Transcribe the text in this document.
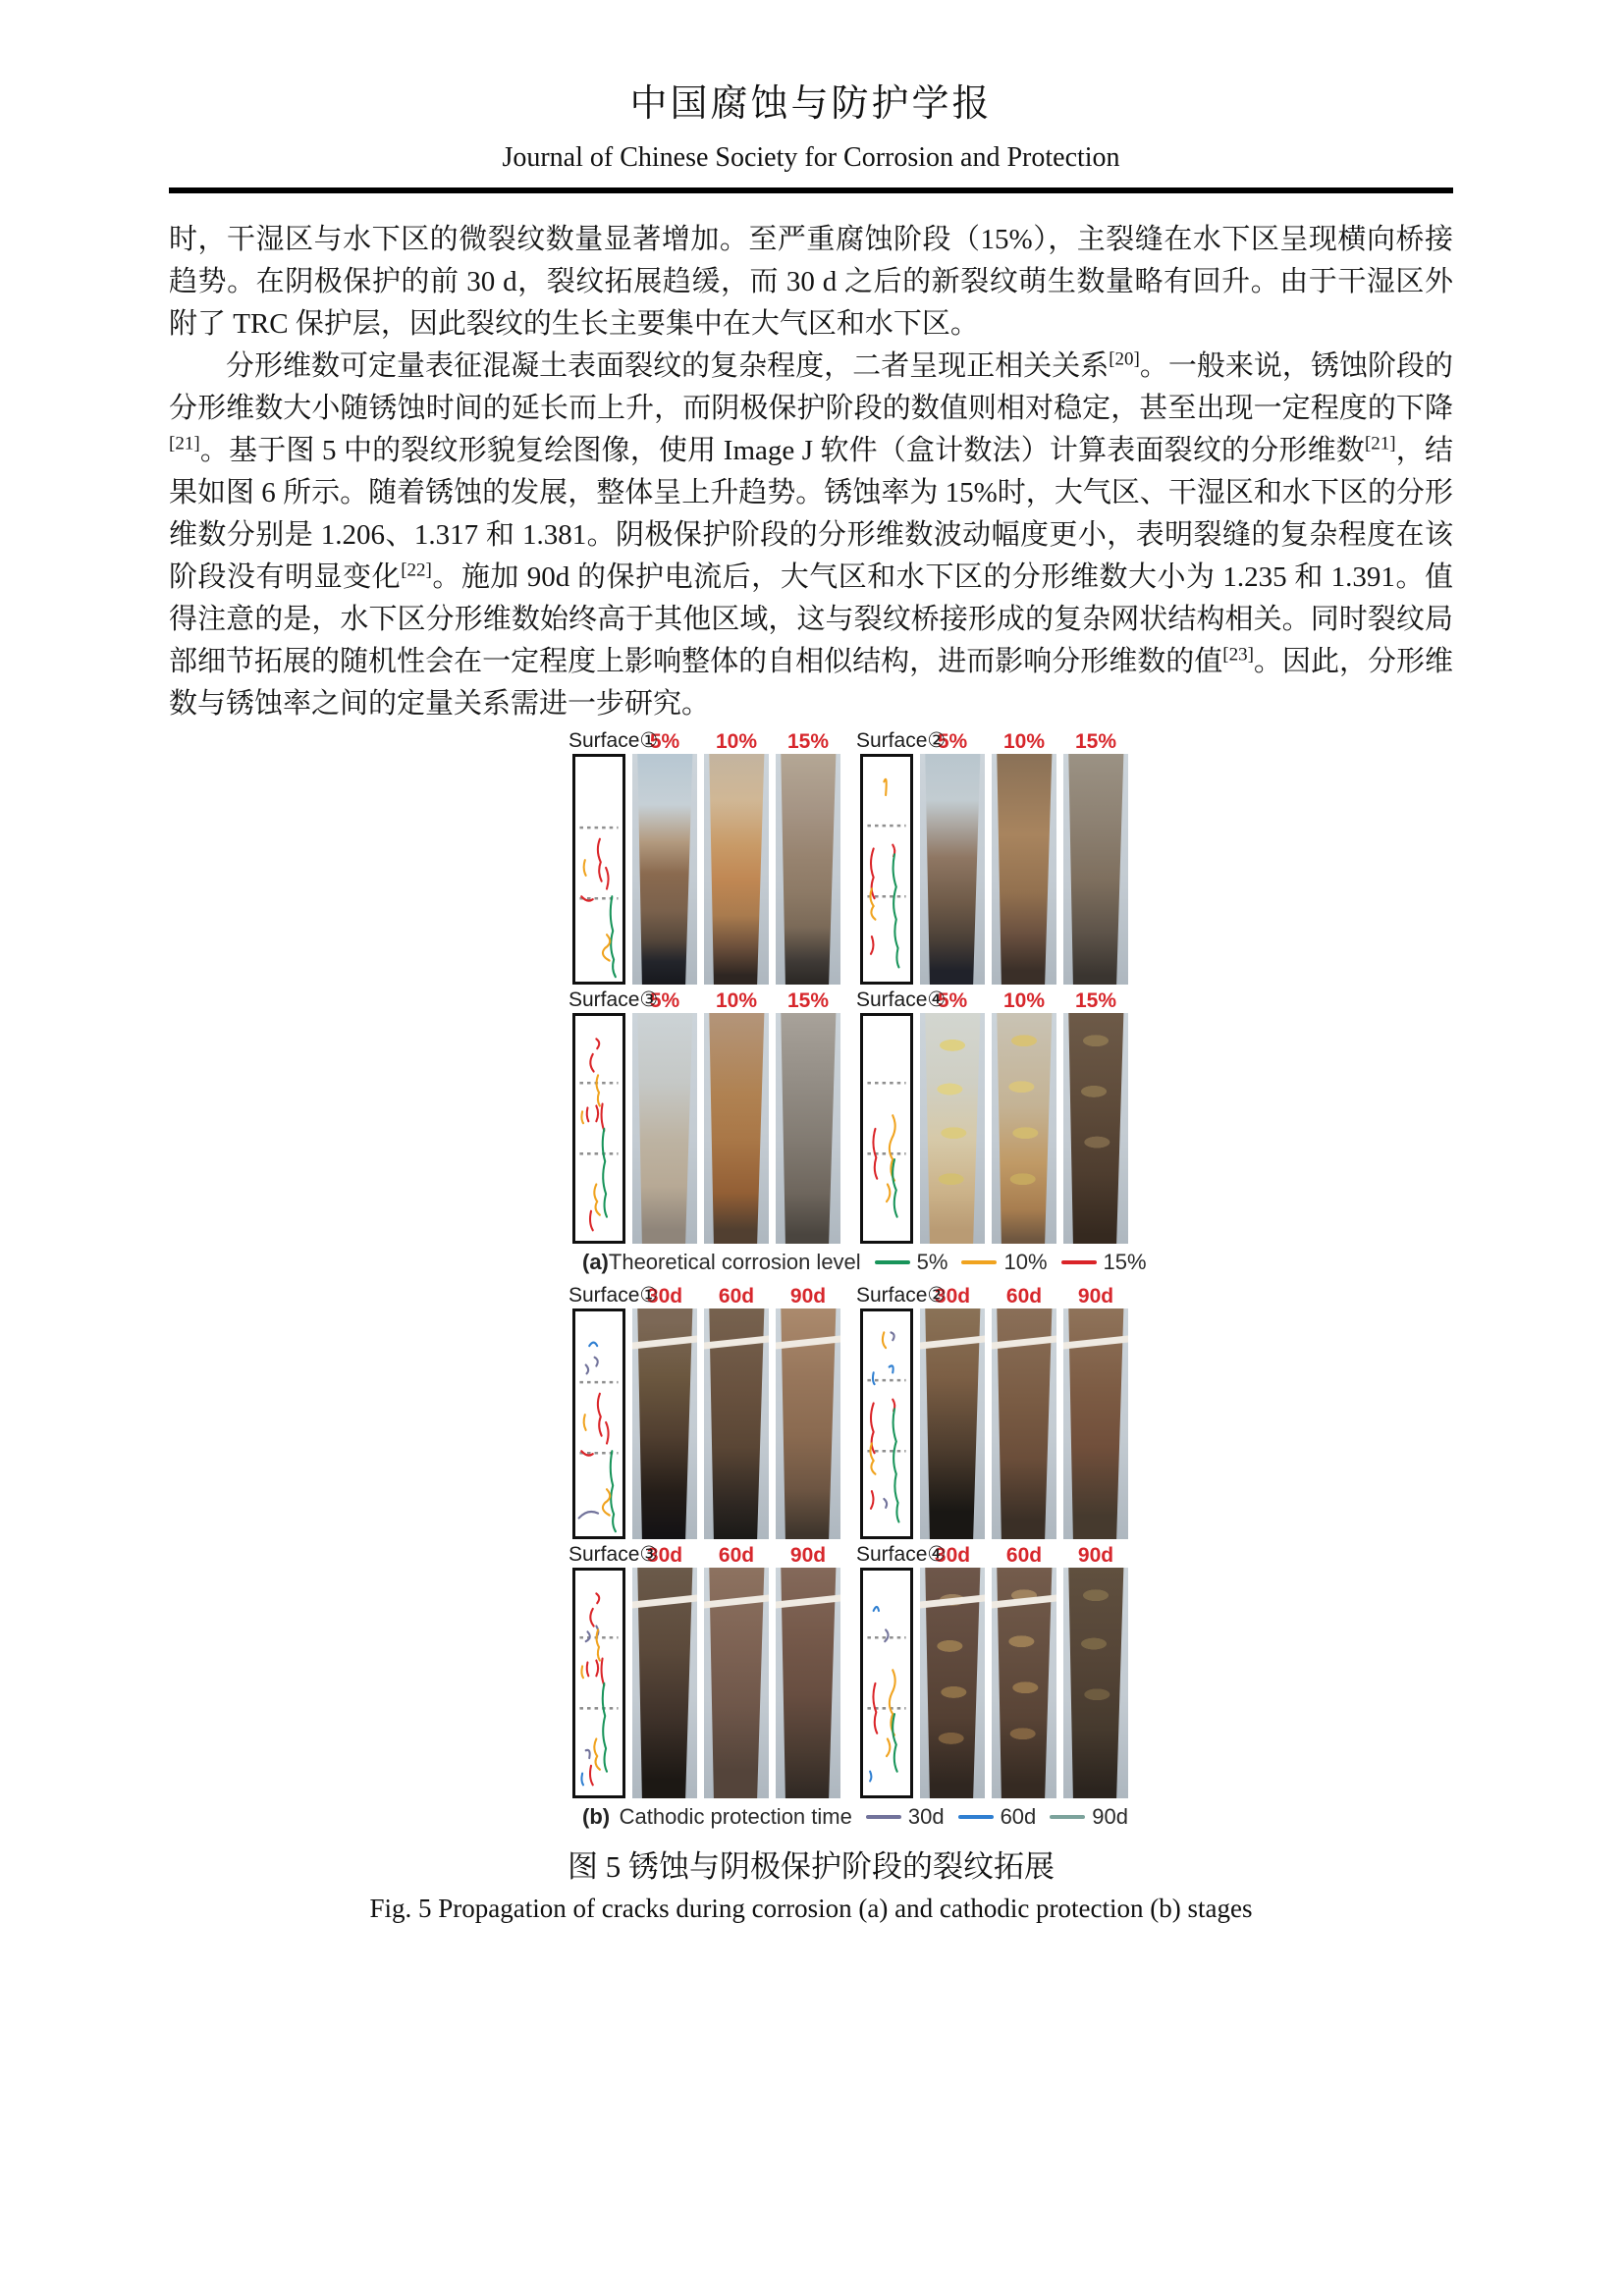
中国腐蚀与防护学报
Journal of Chinese Society for Corrosion and Protection

时，干湿区与水下区的微裂纹数量显著增加。至严重腐蚀阶段（15%），主裂缝在水下区呈现横向桥接趋势。在阴极保护的前 30 d，裂纹拓展趋缓，而 30 d 之后的新裂纹萌生数量略有回升。由于干湿区外附了 TRC 保护层，因此裂纹的生长主要集中在大气区和水下区。

分形维数可定量表征混凝土表面裂纹的复杂程度，二者呈现正相关关系[20]。一般来说，锈蚀阶段的分形维数大小随锈蚀时间的延长而上升，而阴极保护阶段的数值则相对稳定，甚至出现一定程度的下降[21]。基于图 5 中的裂纹形貌复绘图像，使用 Image J 软件（盒计数法）计算表面裂纹的分形维数[21]，结果如图 6 所示。随着锈蚀的发展，整体呈上升趋势。锈蚀率为 15%时，大气区、干湿区和水下区的分形维数分别是 1.206、1.317 和 1.381。阴极保护阶段的分形维数波动幅度更小，表明裂缝的复杂程度在该阶段没有明显变化[22]。施加 90d 的保护电流后，大气区和水下区的分形维数大小为 1.235 和 1.391。值得注意的是，水下区分形维数始终高于其他区域，这与裂纹桥接形成的复杂网状结构相关。同时裂纹局部细节拓展的随机性会在一定程度上影响整体的自相似结构，进而影响分形维数的值[23]。因此，分形维数与锈蚀率之间的定量关系需进一步研究。

Surface①
5%	10%	15%	Surface②
5%	10%	15%
Surface③
5%	10%	15%	Surface④
5%	10%	15%
(a) Theoretical corrosion level	5%	10%	15%
Surface①
30d	60d	90d	Surface②
30d	60d	90d
Surface③
30d	60d	90d	Surface④
30d	60d	90d
(b) Cathodic protection time	30d	60d	90d
图 5 锈蚀与阴极保护阶段的裂纹拓展
Fig. 5 Propagation of cracks during corrosion (a) and cathodic protection (b) stages
